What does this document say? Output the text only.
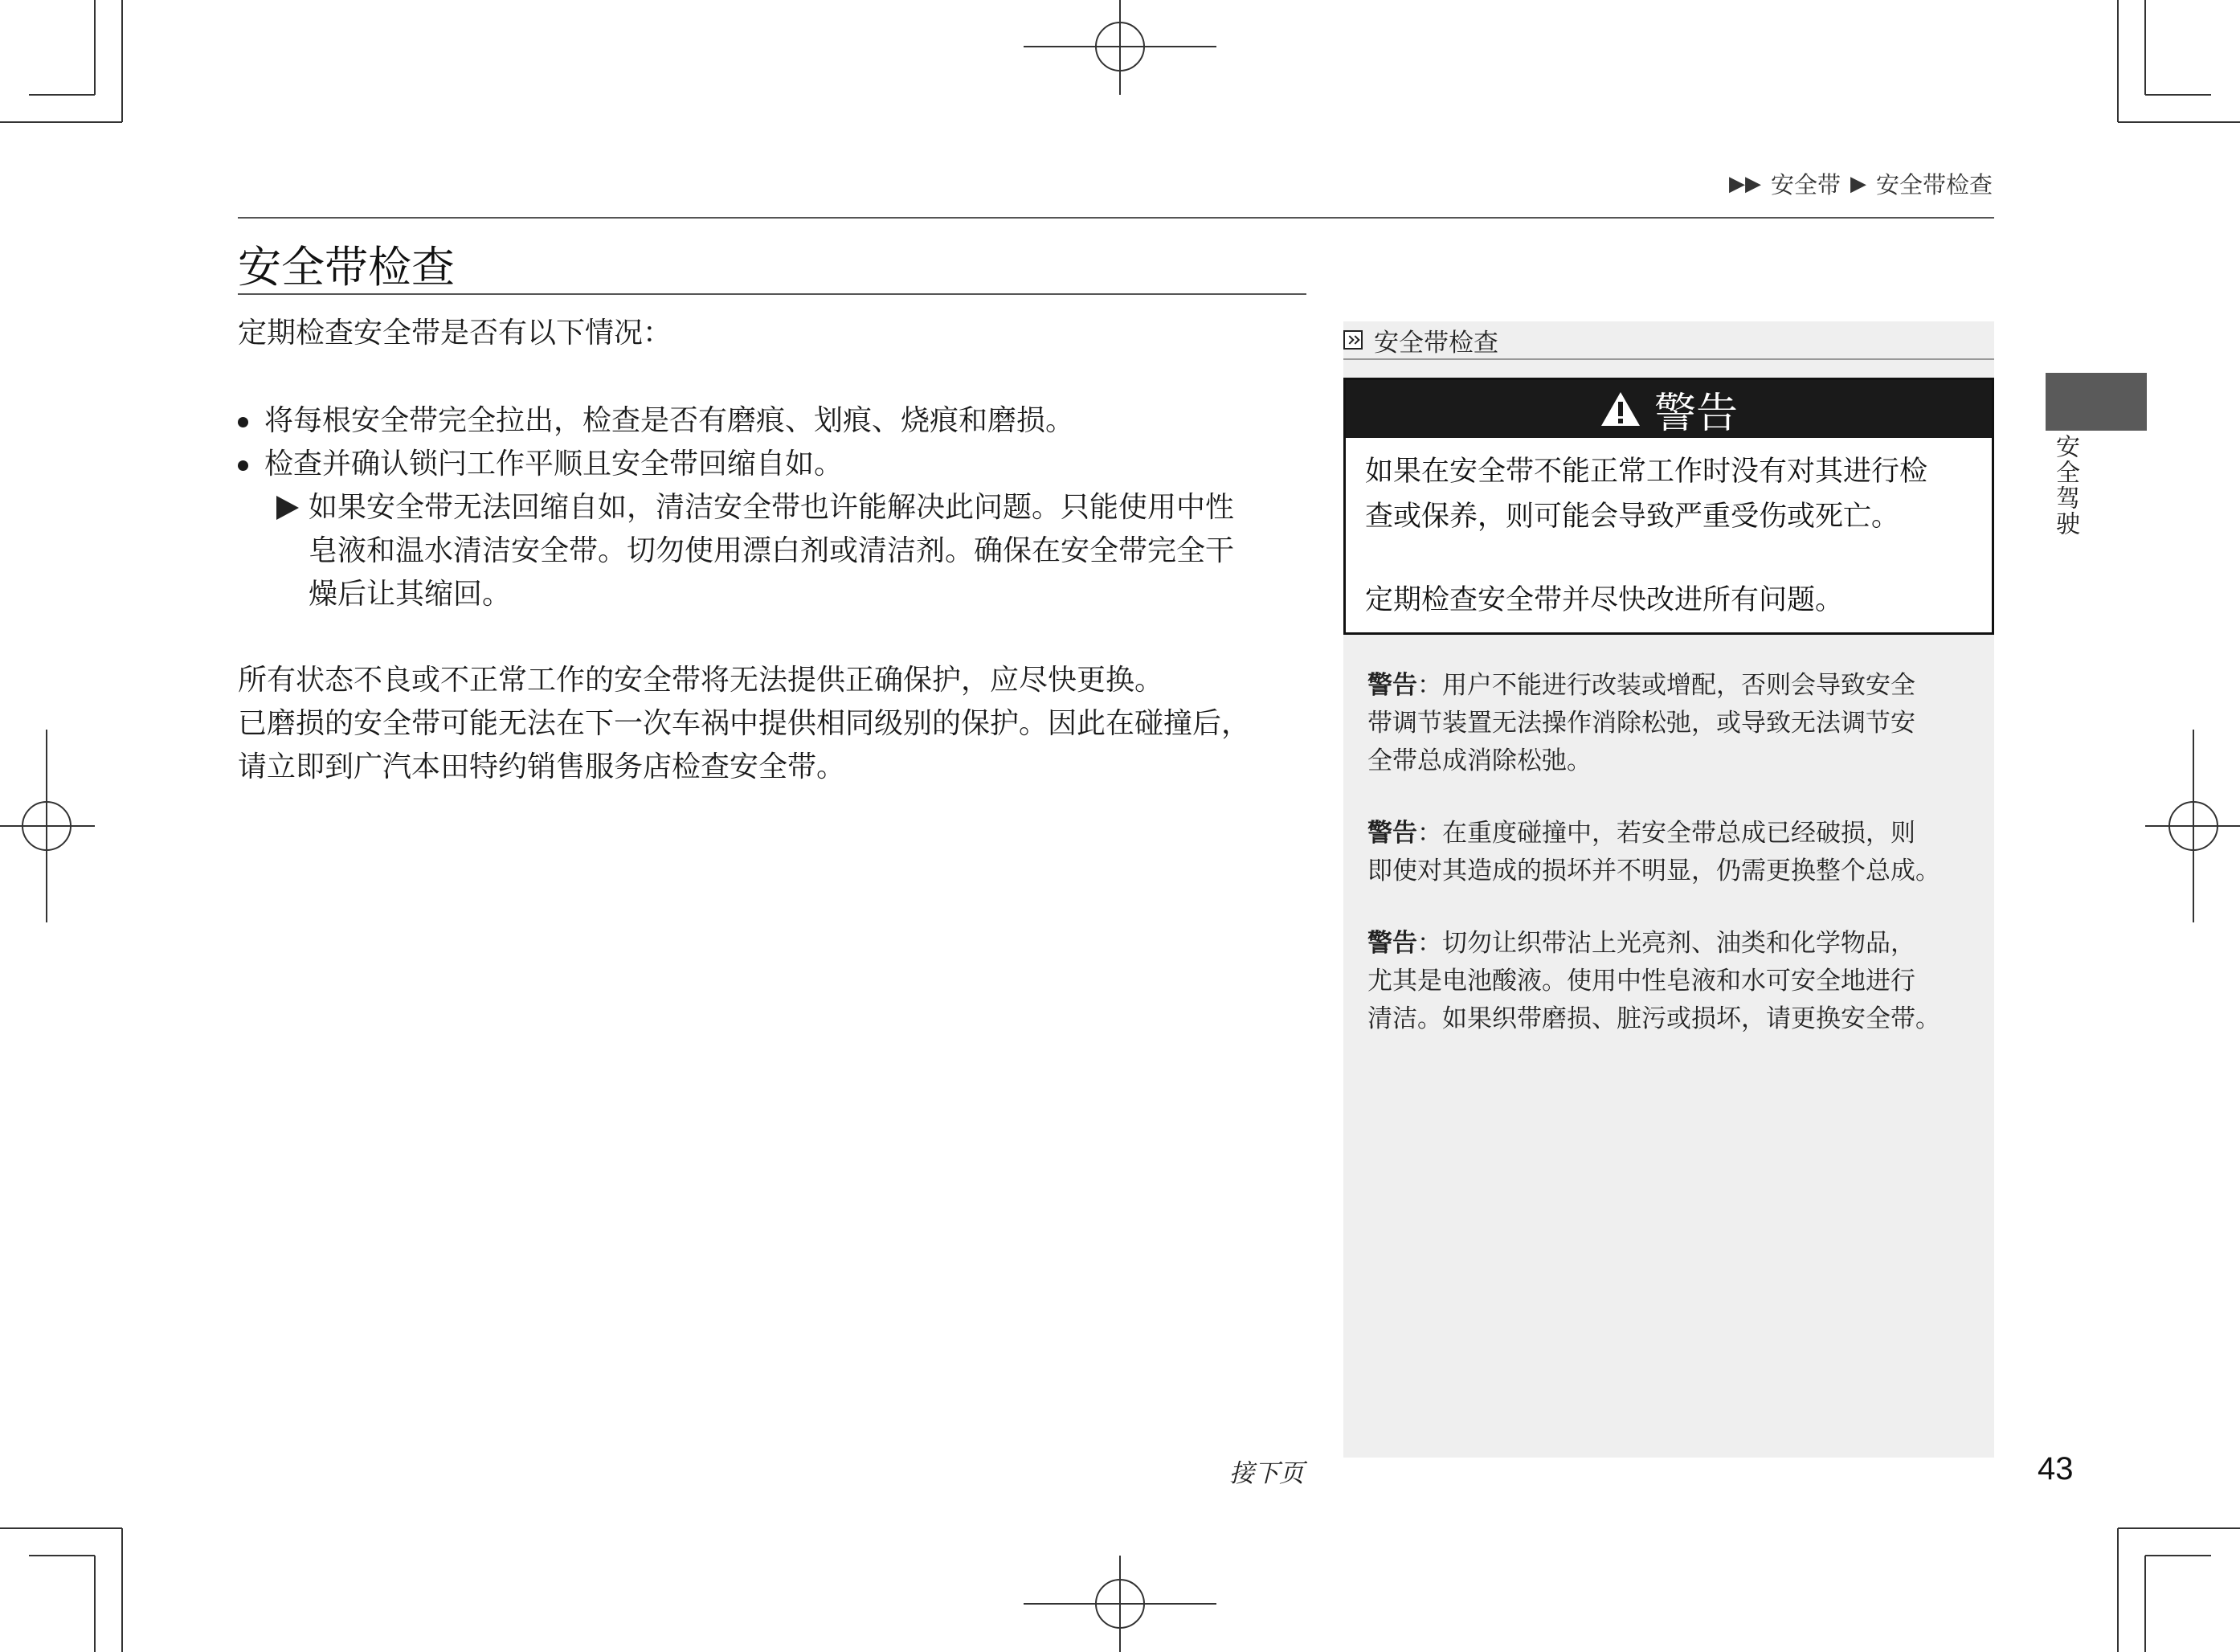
▶▶ 安全带 ▶ 安全带检查
安全带检查
定期检查安全带是否有以下情况：
将每根安全带完全拉出，检查是否有磨痕、划痕、烧痕和磨损。
检查并确认锁闩工作平顺且安全带回缩自如。
如果安全带无法回缩自如，清洁安全带也许能解决此问题。只能使用中性
皂液和温水清洁安全带。切勿使用漂白剂或清洁剂。确保在安全带完全干
燥后让其缩回。
所有状态不良或不正常工作的安全带将无法提供正确保护，应尽快更换。
已磨损的安全带可能无法在下一次车祸中提供相同级别的保护。因此在碰撞后，
请立即到广汽本田特约销售服务店检查安全带。
安全带检查
警告
如果在安全带不能正常工作时没有对其进行检
查或保养，则可能会导致严重受伤或死亡。
定期检查安全带并尽快改进所有问题。
警告：用户不能进行改装或增配，否则会导致安全
带调节装置无法操作消除松弛，或导致无法调节安
全带总成消除松弛。
警告：在重度碰撞中，若安全带总成已经破损，则
即使对其造成的损坏并不明显，仍需更换整个总成。
警告：切勿让织带沾上光亮剂、油类和化学物品，
尤其是电池酸液。使用中性皂液和水可安全地进行
清洁。如果织带磨损、脏污或损坏，请更换安全带。
安全驾驶
接下页	43
